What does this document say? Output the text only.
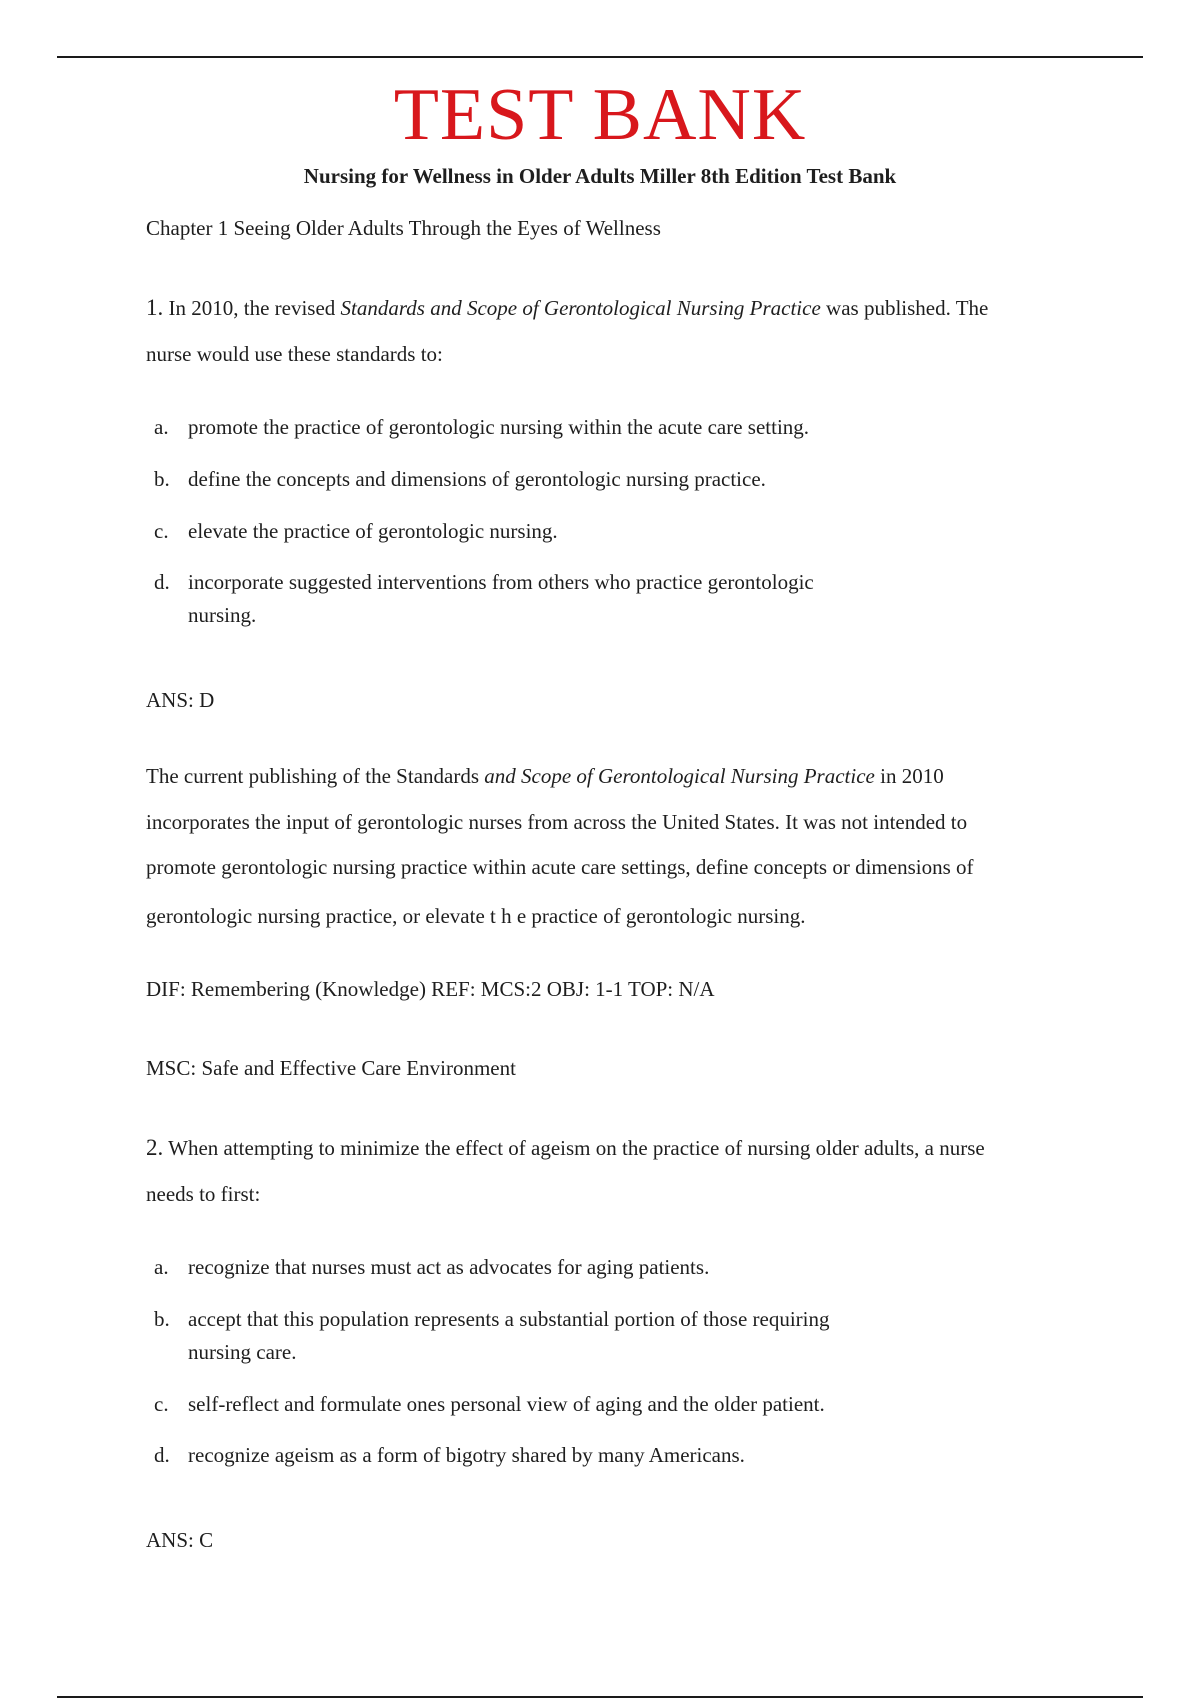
TEST BANK
Nursing for Wellness in Older Adults Miller 8th Edition Test Bank
Chapter 1 Seeing Older Adults Through the Eyes of Wellness
1. In 2010, the revised Standards and Scope of Gerontological Nursing Practice was published. The
nurse would use these standards to:
a. promote the practice of gerontologic nursing within the acute care setting.
b. define the concepts and dimensions of gerontologic nursing practice.
c. elevate the practice of gerontologic nursing.
d. incorporate suggested interventions from others who practice gerontologic
nursing.
ANS: D
The current publishing of the Standards and Scope of Gerontological Nursing Practice in 2010
incorporates the input of gerontologic nurses from across the United States. It was not intended to
promote gerontologic nursing practice within acute care settings, define concepts or dimensions of
gerontologic nursing practice, or elevate t h e practice of gerontologic nursing.
DIF: Remembering (Knowledge) REF: MCS:2 OBJ: 1-1 TOP: N/A
MSC: Safe and Effective Care Environment
2. When attempting to minimize the effect of ageism on the practice of nursing older adults, a nurse
needs to first:
a. recognize that nurses must act as advocates for aging patients.
b. accept that this population represents a substantial portion of those requiring
nursing care.
c. self-reflect and formulate ones personal view of aging and the older patient.
d. recognize ageism as a form of bigotry shared by many Americans.
ANS: C
